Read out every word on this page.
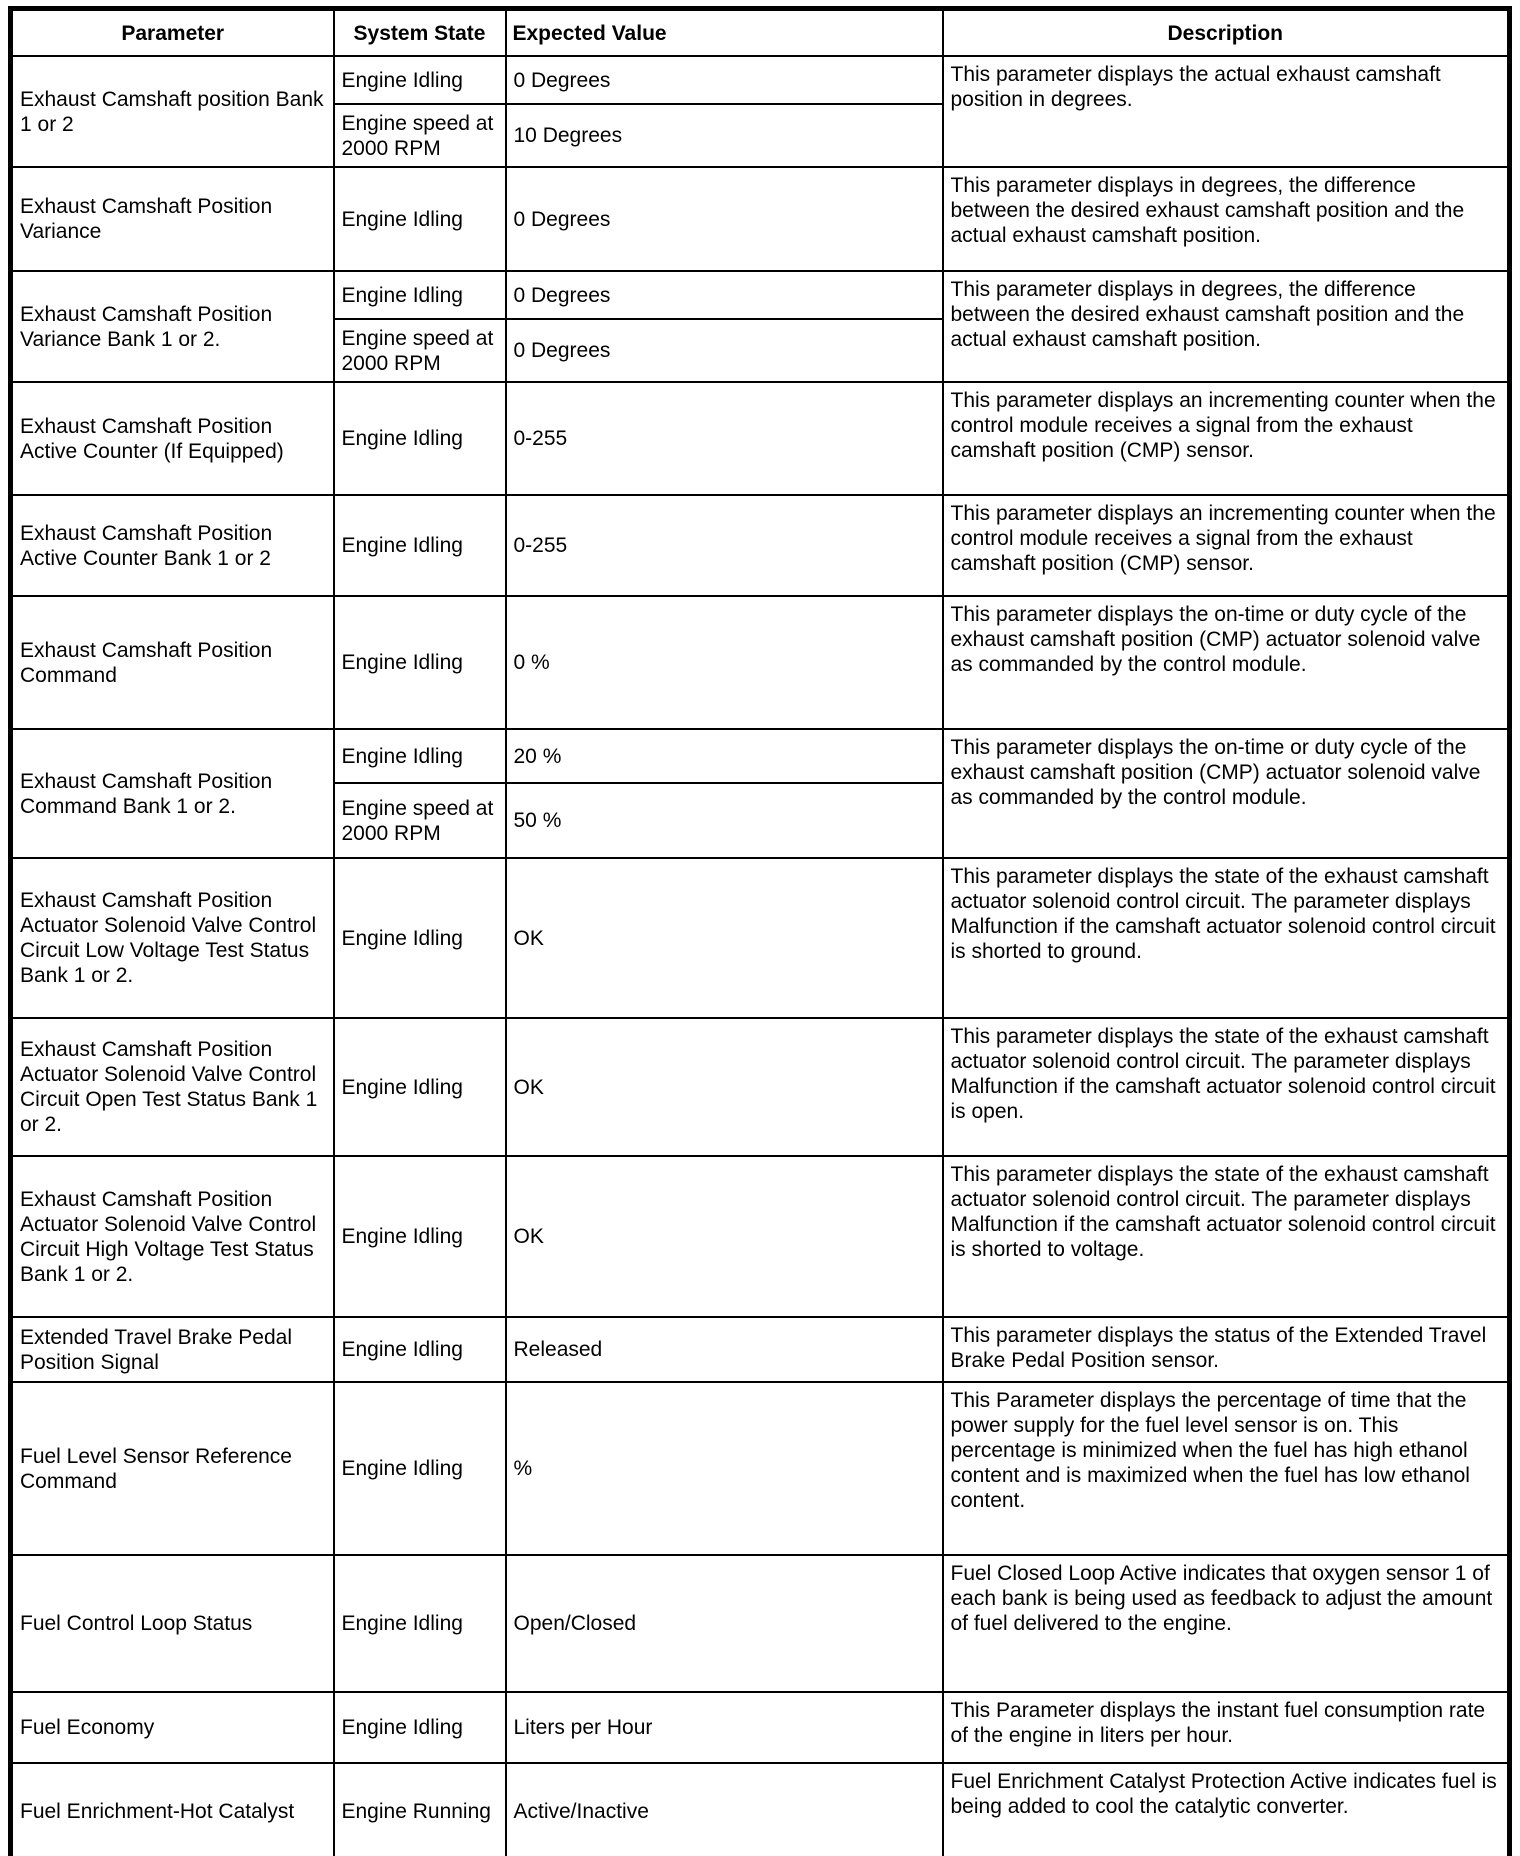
Parameter	System State	Expected Value	Description
Exhaust Camshaft position Bank 1 or 2	Engine Idling	0 Degrees	This parameter displays the actual exhaust camshaft position in degrees.
	Engine speed at 2000 RPM	10 Degrees	
Exhaust Camshaft Position Variance	Engine Idling	0 Degrees	This parameter displays in degrees, the difference between the desired exhaust camshaft position and the actual exhaust camshaft position.
Exhaust Camshaft Position Variance Bank 1 or 2.	Engine Idling	0 Degrees	This parameter displays in degrees, the difference between the desired exhaust camshaft position and the actual exhaust camshaft position.
	Engine speed at 2000 RPM	0 Degrees	
Exhaust Camshaft Position Active Counter (If Equipped)	Engine Idling	0-255	This parameter displays an incrementing counter when the control module receives a signal from the exhaust camshaft position (CMP) sensor.
Exhaust Camshaft Position Active Counter Bank 1 or 2	Engine Idling	0-255	This parameter displays an incrementing counter when the control module receives a signal from the exhaust camshaft position (CMP) sensor.
Exhaust Camshaft Position Command	Engine Idling	0 %	This parameter displays the on-time or duty cycle of the exhaust camshaft position (CMP) actuator solenoid valve as commanded by the control module.
Exhaust Camshaft Position Command Bank 1 or 2.	Engine Idling	20 %	This parameter displays the on-time or duty cycle of the exhaust camshaft position (CMP) actuator solenoid valve as commanded by the control module.
	Engine speed at 2000 RPM	50 %	
Exhaust Camshaft Position Actuator Solenoid Valve Control Circuit Low Voltage Test Status Bank 1 or 2.	Engine Idling	OK	This parameter displays the state of the exhaust camshaft actuator solenoid control circuit. The parameter displays Malfunction if the camshaft actuator solenoid control circuit is shorted to ground.
Exhaust Camshaft Position Actuator Solenoid Valve Control Circuit Open Test Status Bank 1 or 2.	Engine Idling	OK	This parameter displays the state of the exhaust camshaft actuator solenoid control circuit. The parameter displays Malfunction if the camshaft actuator solenoid control circuit is open.
Exhaust Camshaft Position Actuator Solenoid Valve Control Circuit High Voltage Test Status Bank 1 or 2.	Engine Idling	OK	This parameter displays the state of the exhaust camshaft actuator solenoid control circuit. The parameter displays Malfunction if the camshaft actuator solenoid control circuit is shorted to voltage.
Extended Travel Brake Pedal Position Signal	Engine Idling	Released	This parameter displays the status of the Extended Travel Brake Pedal Position sensor.
Fuel Level Sensor Reference Command	Engine Idling	%	This Parameter displays the percentage of time that the power supply for the fuel level sensor is on. This percentage is minimized when the fuel has high ethanol content and is maximized when the fuel has low ethanol content.
Fuel Control Loop Status	Engine Idling	Open/Closed	Fuel Closed Loop Active indicates that oxygen sensor 1 of each bank is being used as feedback to adjust the amount of fuel delivered to the engine.
Fuel Economy	Engine Idling	Liters per Hour	This Parameter displays the instant fuel consumption rate of the engine in liters per hour.
Fuel Enrichment-Hot Catalyst	Engine Running	Active/Inactive	Fuel Enrichment Catalyst Protection Active indicates fuel is being added to cool the catalytic converter.
